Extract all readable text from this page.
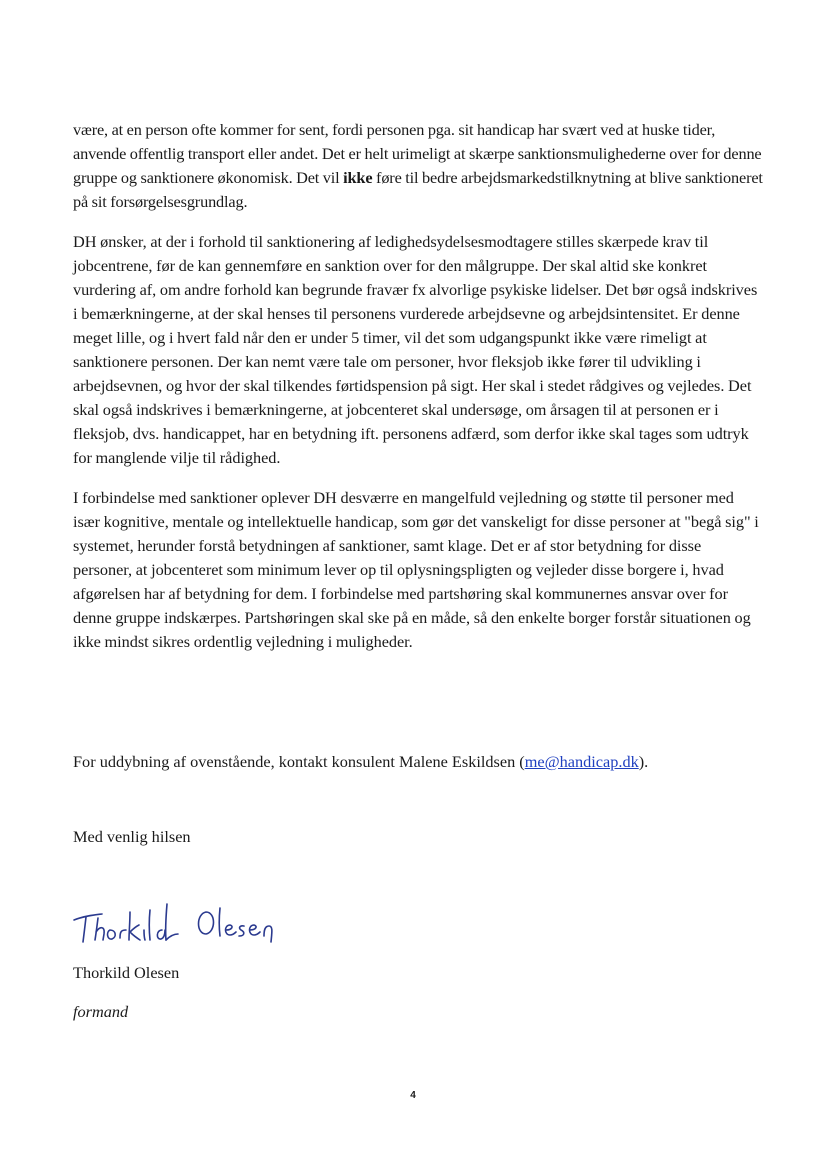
være, at en person ofte kommer for sent, fordi personen pga. sit handicap har svært ved at huske tider, anvende offentlig transport eller andet. Det er helt urimeligt at skærpe sanktionsmulighederne over for denne gruppe og sanktionere økonomisk. Det vil ikke føre til bedre arbejdsmarkedstilknytning at blive sanktioneret på sit forsørgelsesgrundlag.

DH ønsker, at der i forhold til sanktionering af ledighedsydelsesmodtagere stilles skærpede krav til jobcentrene, før de kan gennemføre en sanktion over for den målgruppe. Der skal altid ske konkret vurdering af, om andre forhold kan begrunde fravær fx alvorlige psykiske lidelser. Det bør også indskrives i bemærkningerne, at der skal henses til personens vurderede arbejdsevne og arbejdsintensitet. Er denne meget lille, og i hvert fald når den er under 5 timer, vil det som udgangspunkt ikke være rimeligt at sanktionere personen. Der kan nemt være tale om personer, hvor fleksjob ikke fører til udvikling i arbejdsevnen, og hvor der skal tilkendes førtidspension på sigt. Her skal i stedet rådgives og vejledes. Det skal også indskrives i bemærkningerne, at jobcenteret skal undersøge, om årsagen til at personen er i fleksjob, dvs. handicappet, har en betydning ift. personens adfærd, som derfor ikke skal tages som udtryk for manglende vilje til rådighed.

I forbindelse med sanktioner oplever DH desværre en mangelfuld vejledning og støtte til personer med især kognitive, mentale og intellektuelle handicap, som gør det vanskeligt for disse personer at "begå sig" i systemet, herunder forstå betydningen af sanktioner, samt klage. Det er af stor betydning for disse personer, at jobcenteret som minimum lever op til oplysningspligten og vejleder disse borgere i, hvad afgørelsen har af betydning for dem. I forbindelse med partshøring skal kommunernes ansvar over for denne gruppe indskærpes. Partshøringen skal ske på en måde, så den enkelte borger forstår situationen og ikke mindst sikres ordentlig vejledning i muligheder.

For uddybning af ovenstående, kontakt konsulent Malene Eskildsen (me@handicap.dk).

Med venlig hilsen

Thorkild Olesen

formand

4
